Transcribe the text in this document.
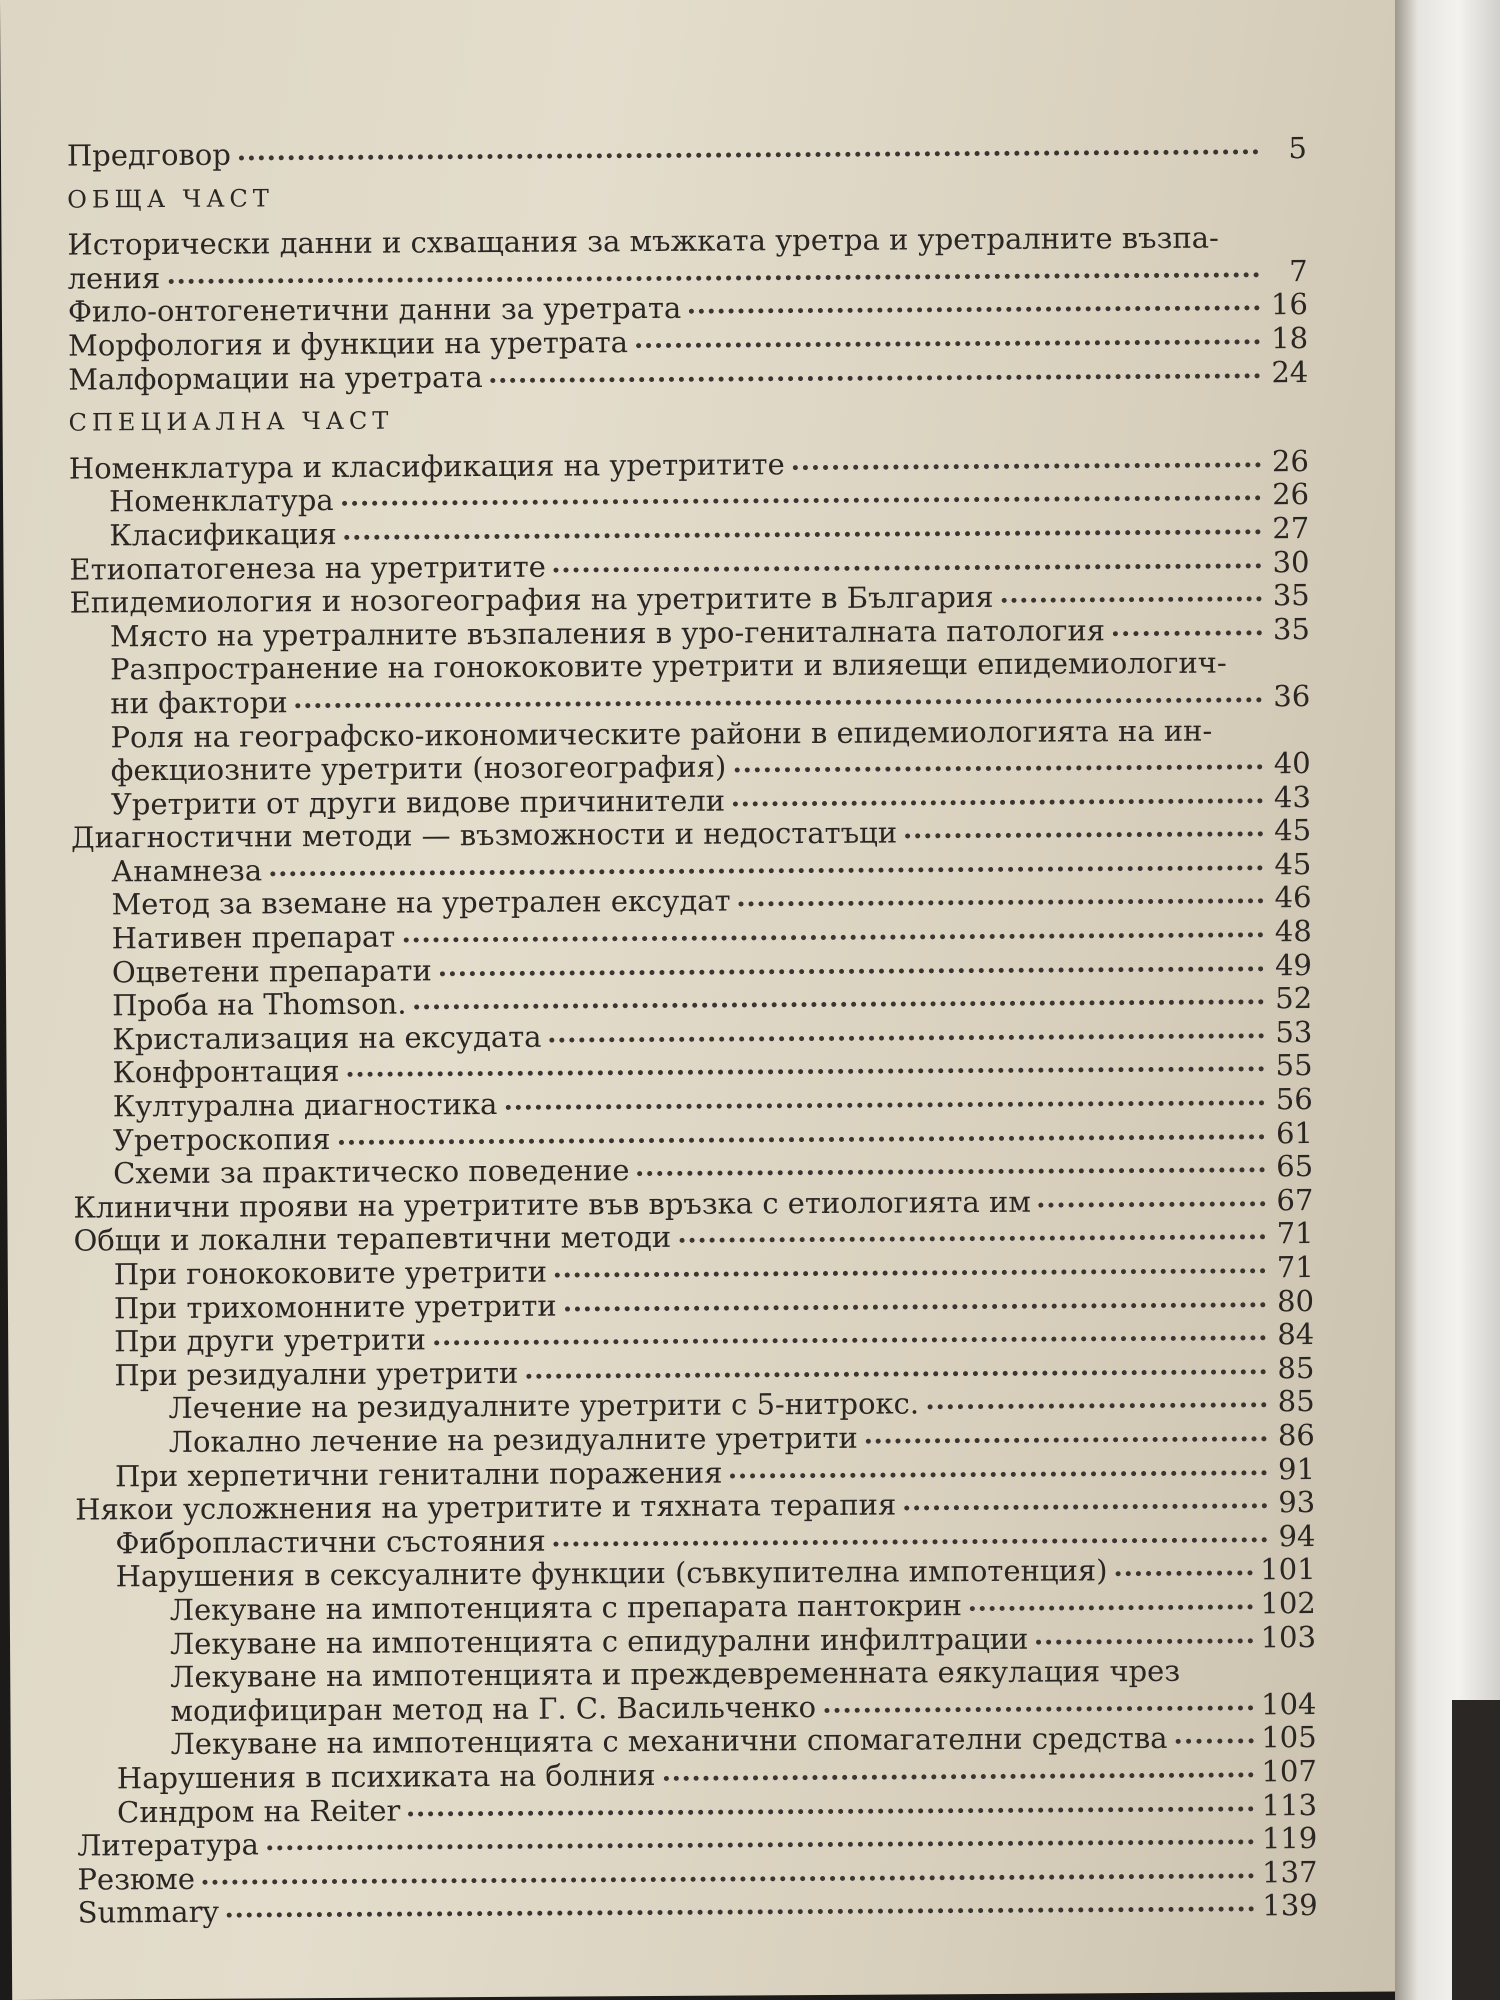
Предговор	5
ОБЩА ЧАСТ
Исторически данни и схващания за мъжката уретра и уретралните възпа-
ления	7
Фило-онтогенетични данни за уретрата	16
Морфология и функции на уретрата	18
Малформации на уретрата	24
СПЕЦИАЛНА ЧАСТ
Номенклатура и класификация на уретритите	26
Номенклатура	26
Класификация	27
Етиопатогенеза на уретритите	30
Епидемиология и нозогеография на уретритите в България	35
Място на уретралните възпаления в уро-гениталната патология	35
Разпространение на гонококовите уретрити и влияещи епидемиологич-
ни фактори	36
Роля на географско-икономическите райони в епидемиологията на ин-
фекциозните уретрити (нозогеография)	40
Уретрити от други видове причинители	43
Диагностични методи — възможности и недостатъци	45
Анамнеза	45
Метод за вземане на уретрален ексудат	46
Нативен препарат	48
Оцветени препарати	49
Проба на Thomson.	52
Кристализация на ексудата	53
Конфронтация	55
Културална диагностика	56
Уретроскопия	61
Схеми за практическо поведение	65
Клинични прояви на уретритите във връзка с етиологията им	67
Общи и локални терапевтични методи	71
При гонококовите уретрити	71
При трихомонните уретрити	80
При други уретрити	84
При резидуални уретрити	85
Лечение на резидуалните уретрити с 5-нитрокс.	85
Локално лечение на резидуалните уретрити	86
При херпетични генитални поражения	91
Някои усложнения на уретритите и тяхната терапия	93
Фибропластични състояния	94
Нарушения в сексуалните функции (съвкупителна импотенция)	101
Лекуване на импотенцията с препарата пантокрин	102
Лекуване на импотенцията с епидурални инфилтрации	103
Лекуване на импотенцията и преждевременната еякулация чрез
модифициран метод на Г. С. Васильченко	104
Лекуване на импотенцията с механични спомагателни средства	105
Нарушения в психиката на болния	107
Синдром на Reiter	113
Литература	119
Резюме	137
Summary	139
